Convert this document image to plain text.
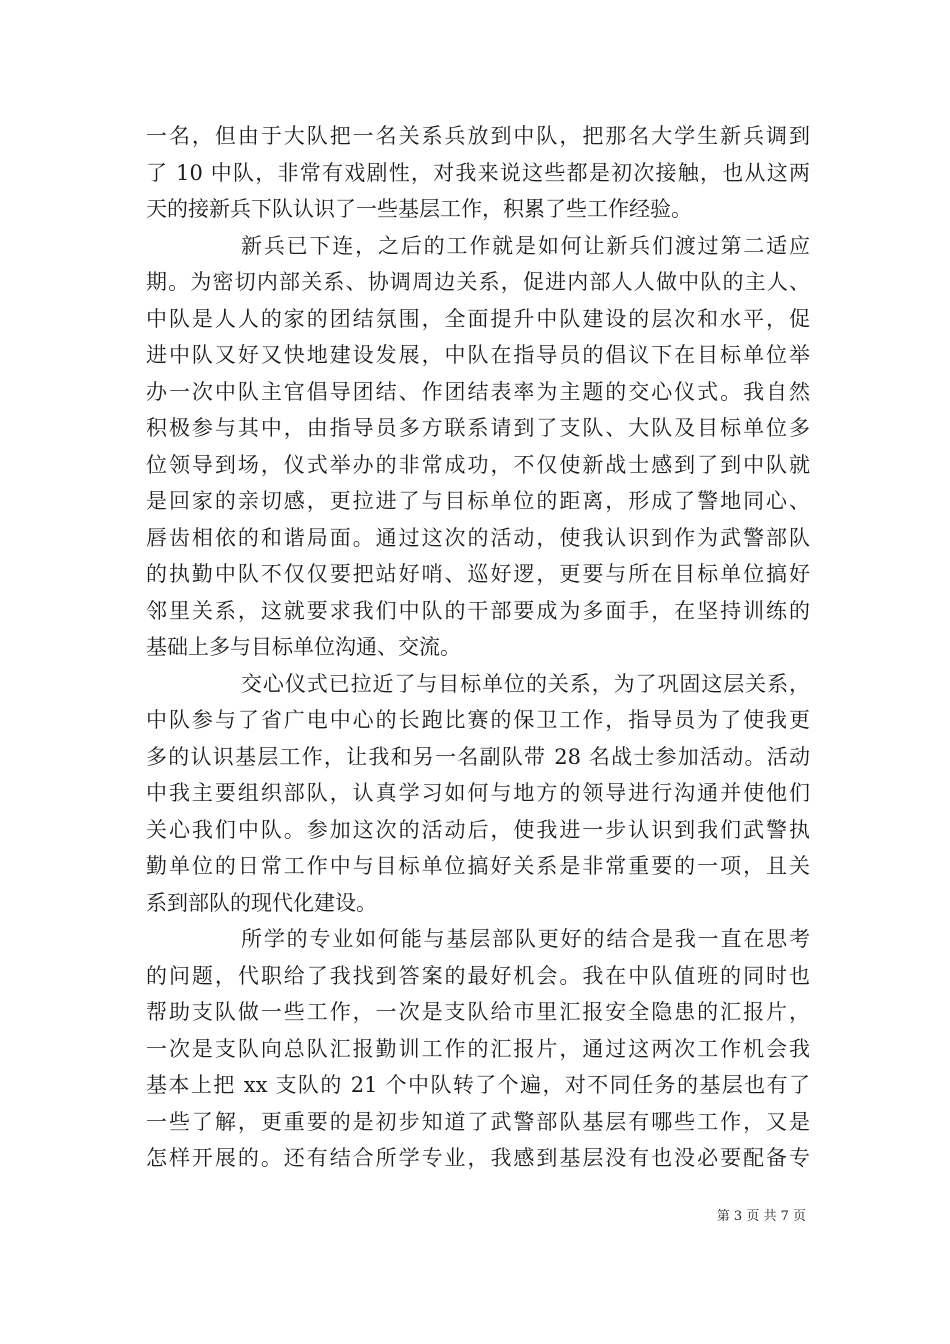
一名，但由于大队把一名关系兵放到中队，把那名大学生新兵调到
了 10 中队，非常有戏剧性，对我来说这些都是初次接触，也从这两
天的接新兵下队认识了一些基层工作，积累了些工作经验。
新兵已下连，之后的工作就是如何让新兵们渡过第二适应
期。为密切内部关系、协调周边关系，促进内部人人做中队的主人、
中队是人人的家的团结氛围，全面提升中队建设的层次和水平，促
进中队又好又快地建设发展，中队在指导员的倡议下在目标单位举
办一次中队主官倡导团结、作团结表率为主题的交心仪式。我自然
积极参与其中，由指导员多方联系请到了支队、大队及目标单位多
位领导到场，仪式举办的非常成功，不仅使新战士感到了到中队就
是回家的亲切感，更拉进了与目标单位的距离，形成了警地同心、
唇齿相依的和谐局面。通过这次的活动，使我认识到作为武警部队
的执勤中队不仅仅要把站好哨、巡好逻，更要与所在目标单位搞好
邻里关系，这就要求我们中队的干部要成为多面手，在坚持训练的
基础上多与目标单位沟通、交流。
交心仪式已拉近了与目标单位的关系，为了巩固这层关系，
中队参与了省广电中心的长跑比赛的保卫工作，指导员为了使我更
多的认识基层工作，让我和另一名副队带 28 名战士参加活动。活动
中我主要组织部队，认真学习如何与地方的领导进行沟通并使他们
关心我们中队。参加这次的活动后，使我进一步认识到我们武警执
勤单位的日常工作中与目标单位搞好关系是非常重要的一项，且关
系到部队的现代化建设。
所学的专业如何能与基层部队更好的结合是我一直在思考
的问题，代职给了我找到答案的最好机会。我在中队值班的同时也
帮助支队做一些工作，一次是支队给市里汇报安全隐患的汇报片，
一次是支队向总队汇报勤训工作的汇报片，通过这两次工作机会我
基本上把 xx 支队的 21 个中队转了个遍，对不同任务的基层也有了
一些了解，更重要的是初步知道了武警部队基层有哪些工作，又是
怎样开展的。还有结合所学专业，我感到基层没有也没必要配备专
第 3 页 共 7 页
